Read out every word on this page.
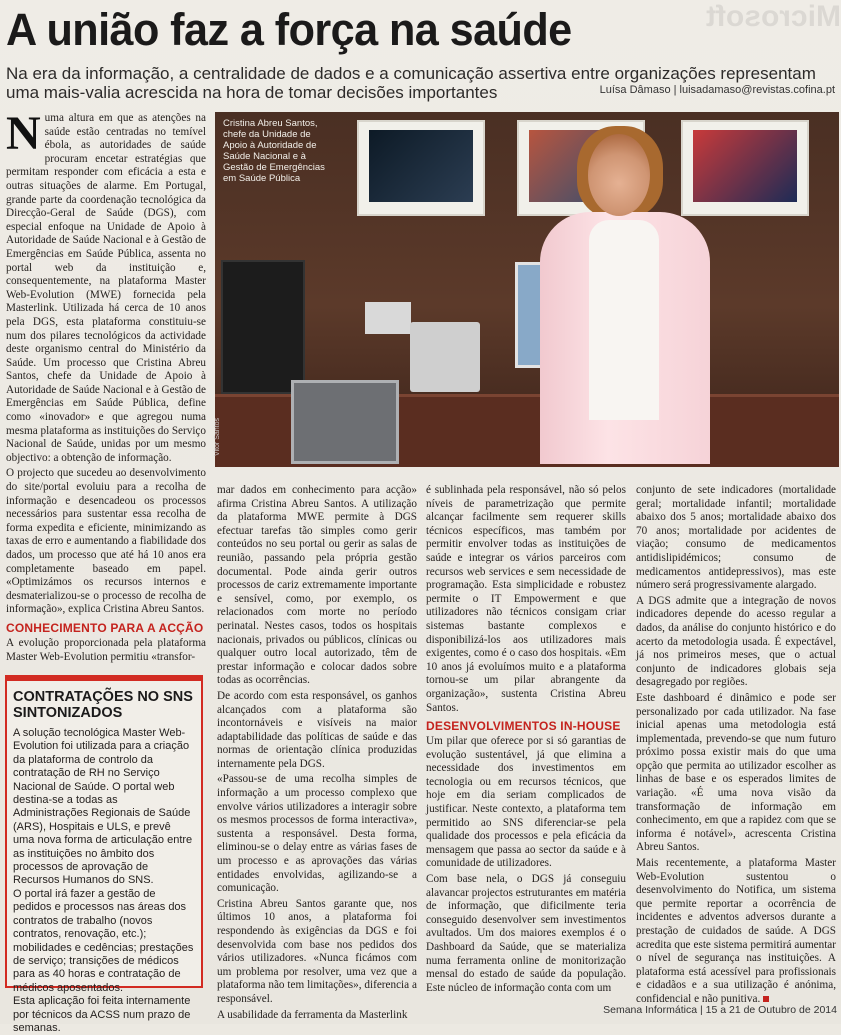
Microsoft
A união faz a força na saúde

Na era da informação, a centralidade de dados e a comunicação assertiva entre organizações representam uma mais-valia acrescida na hora de tomar decisões importantes	Luísa Dâmaso | luisadamaso@revistas.cofina.pt
Cristina Abreu Santos, chefe da Unidade de Apoio à Autoridade de Saúde Nacional e à Gestão de Emergências em Saúde Pública
Vitor Santos
N uma altura em que as atenções na saúde estão centradas no temível ébola, as autoridades de saúde procuram encetar estratégias que permitam responder com eficácia a esta e outras situações de alarme. Em Portugal, grande parte da coordenação tecnológica da Direcção-Geral de Saúde (DGS), com especial enfoque na Unidade de Apoio à Autoridade de Saúde Nacional e à Gestão de Emergências em Saúde Pública, assenta no portal web da instituição e, consequentemente, na plataforma Master Web-Evolution (MWE) fornecida pela Masterlink. Utilizada há cerca de 10 anos pela DGS, esta plataforma constituiu-se num dos pilares tecnológicos da actividade deste organismo central do Ministério da Saúde. Um processo que Cristina Abreu Santos, chefe da Unidade de Apoio à Autoridade de Saúde Nacional e à Gestão de Emergências em Saúde Pública, define como «inovador» e que agregou numa mesma plataforma as instituições do Serviço Nacional de Saúde, unidas por um mesmo objectivo: a obtenção de informação.

O projecto que sucedeu ao desenvolvimento do site/portal evoluiu para a recolha de informação e desencadeou os processos necessários para sustentar essa recolha de forma expedita e eficiente, minimizando as taxas de erro e aumentando a fiabilidade dos dados, um processo que até há 10 anos era completamente baseado em papel. «Optimizámos os recursos internos e desmaterializou-se o processo de recolha de informação», explica Cristina Abreu Santos.

CONHECIMENTO PARA A ACÇÃO

A evolução proporcionada pela plataforma Master Web-Evolution permitiu «transfor-

CONTRATAÇÕES NO SNS SINTONIZADOS

A solução tecnológica Master Web-Evolution foi utilizada para a criação da plataforma de controlo da contratação de RH no Serviço Nacional de Saúde. O portal web destina-se a todas as Administrações Regionais de Saúde (ARS), Hospitais e ULS, e prevê uma nova forma de articulação entre as instituições no âmbito dos processos de aprovação de Recursos Humanos do SNS.

O portal irá fazer a gestão de pedidos e processos nas áreas dos contratos de trabalho (novos contratos, renovação, etc.); mobilidades e cedências; prestações de serviço; transições de médicos para as 40 horas e contratação de médicos aposentados.

Esta aplicação foi feita internamente por técnicos da ACSS num prazo de semanas.

mar dados em conhecimento para acção» afirma Cristina Abreu Santos. A utilização da plataforma MWE permite à DGS efectuar tarefas tão simples como gerir conteúdos no seu portal ou gerir as salas de reunião, passando pela própria gestão documental. Pode ainda gerir outros processos de cariz extremamente importante e sensível, como, por exemplo, os relacionados com morte no período perinatal. Nestes casos, todos os hospitais nacionais, privados ou públicos, clínicas ou qualquer outro local autorizado, têm de prestar informação e colocar dados sobre todas as ocorrências.

De acordo com esta responsável, os ganhos alcançados com a plataforma são incontornáveis e visíveis na maior adaptabilidade das políticas de saúde e das normas de orientação clínica produzidas internamente pela DGS.

«Passou-se de uma recolha simples de informação a um processo complexo que envolve vários utilizadores a interagir sobre os mesmos processos de forma interactiva», sustenta a responsável. Desta forma, eliminou-se o delay entre as várias fases de um processo e as aprovações das várias entidades envolvidas, agilizando-se a comunicação.

Cristina Abreu Santos garante que, nos últimos 10 anos, a plataforma foi respondendo às exigências da DGS e foi desenvolvida com base nos pedidos dos vários utilizadores. «Nunca ficámos com um problema por resolver, uma vez que a plataforma não tem limitações», diferencia a responsável.

A usabilidade da ferramenta da Masterlink

é sublinhada pela responsável, não só pelos níveis de parametrização que permite alcançar facilmente sem requerer skills técnicos específicos, mas também por permitir envolver todas as instituições de saúde e integrar os vários parceiros com recursos web services e sem necessidade de programação. Esta simplicidade e robustez permite o IT Empowerment e que utilizadores não técnicos consigam criar sistemas bastante complexos e disponibilizá-los aos utilizadores mais exigentes, como é o caso dos hospitais. «Em 10 anos já evoluímos muito e a plataforma tornou-se um pilar abrangente da organização», sustenta Cristina Abreu Santos.

DESENVOLVIMENTOS IN-HOUSE

Um pilar que oferece por si só garantias de evolução sustentável, já que elimina a necessidade dos investimentos em tecnologia ou em recursos técnicos, que hoje em dia seriam complicados de justificar. Neste contexto, a plataforma tem permitido ao SNS diferenciar-se pela qualidade dos processos e pela eficácia da mensagem que passa ao sector da saúde e à comunidade de utilizadores.

Com base nela, o DGS já conseguiu alavancar projectos estruturantes em matéria de informação, que dificilmente teria conseguido desenvolver sem investimentos avultados. Um dos maiores exemplos é o Dashboard da Saúde, que se materializa numa ferramenta online de monitorização mensal do estado de saúde da população. Este núcleo de informação conta com um

conjunto de sete indicadores (mortalidade geral; mortalidade infantil; mortalidade abaixo dos 5 anos; mortalidade abaixo dos 70 anos; mortalidade por acidentes de viação; consumo de medicamentos antidislipidémicos; consumo de medicamentos antidepressivos), mas este número será progressivamente alargado.

A DGS admite que a integração de novos indicadores depende do acesso regular a dados, da análise do conjunto histórico e do acerto da metodologia usada. É expectável, já nos primeiros meses, que o actual conjunto de indicadores globais seja desagregado por regiões.

Este dashboard é dinâmico e pode ser personalizado por cada utilizador. Na fase inicial apenas uma metodologia está implementada, prevendo-se que num futuro próximo possa existir mais do que uma opção que permita ao utilizador escolher as linhas de base e os esperados limites de variação. «É uma nova visão da transformação de informação em conhecimento, em que a rapidez com que se informa é notável», acrescenta Cristina Abreu Santos.

Mais recentemente, a plataforma Master Web-Evolution sustentou o desenvolvimento do Notifica, um sistema que permite reportar a ocorrência de incidentes e adventos adversos durante a prestação de cuidados de saúde. A DGS acredita que este sistema permitirá aumentar o nível de segurança nas instituições. A plataforma está acessível para profissionais e cidadãos e a sua utilização é anónima, confidencial e não punitiva.

Semana Informática | 15 a 21 de Outubro de 2014
